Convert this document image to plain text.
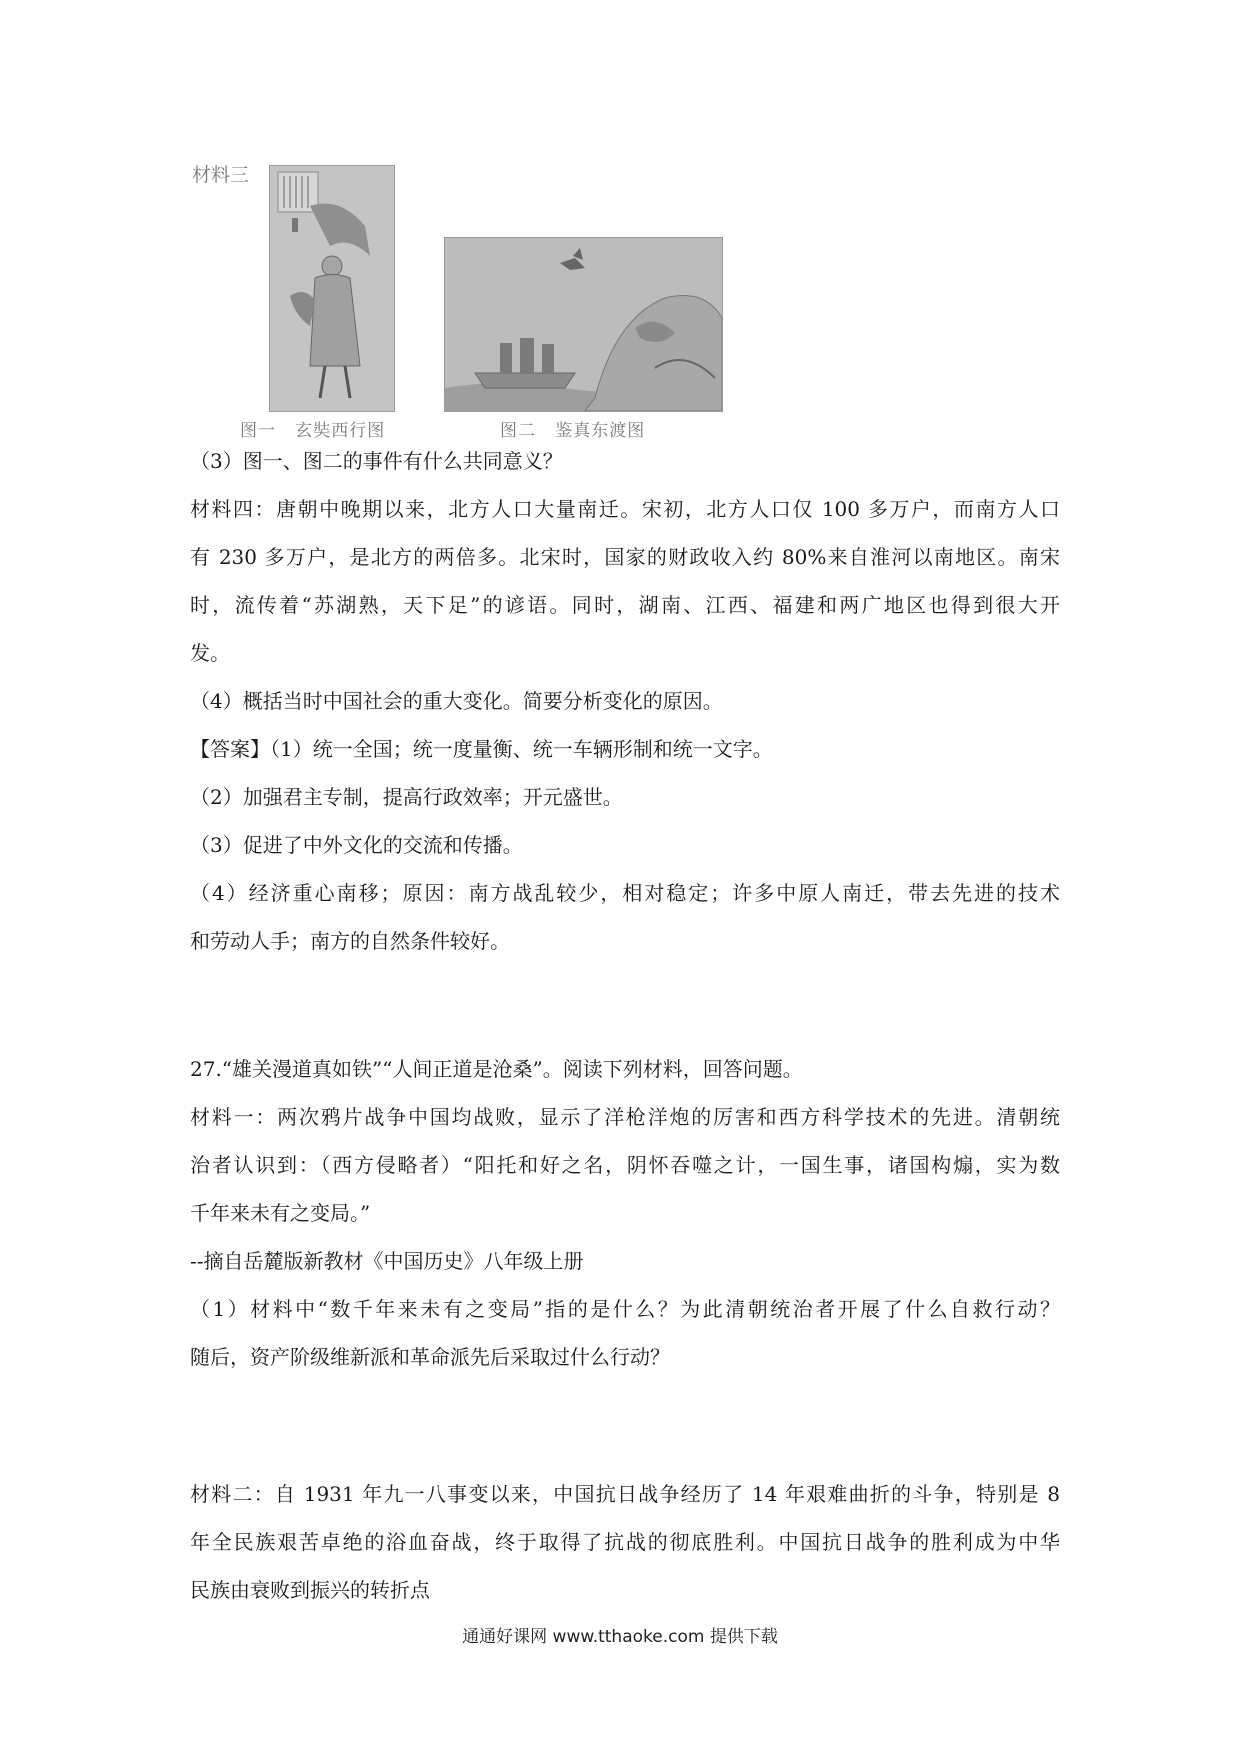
材料三
图一   玄奘西行图	图二   鉴真东渡图
（3）图一、图二的事件有什么共同意义？
材料四：唐朝中晚期以来，北方人口大量南迁。宋初，北方人口仅 100 多万户，而南方人口
有 230 多万户，是北方的两倍多。北宋时，国家的财政收入约 80%来自淮河以南地区。南宋
时，流传着“苏湖熟，天下足”的谚语。同时，湖南、江西、福建和两广地区也得到很大开
发。
（4）概括当时中国社会的重大变化。简要分析变化的原因。
【答案】（1）统一全国；统一度量衡、统一车辆形制和统一文字。
（2）加强君主专制，提高行政效率；开元盛世。
（3）促进了中外文化的交流和传播。
（4）经济重心南移；原因：南方战乱较少，相对稳定；许多中原人南迁，带去先进的技术
和劳动人手；南方的自然条件较好。
27.“雄关漫道真如铁”“人间正道是沧桑”。阅读下列材料，回答问题。
材料一：两次鸦片战争中国均战败，显示了洋枪洋炮的厉害和西方科学技术的先进。清朝统
治者认识到：（西方侵略者）“阳托和好之名，阴怀吞噬之计，一国生事，诸国构煽，实为数
千年来未有之变局。”
--摘自岳麓版新教材《中国历史》八年级上册
（1）材料中“数千年来未有之变局”指的是什么？为此清朝统治者开展了什么自救行动？
随后，资产阶级维新派和革命派先后采取过什么行动？
材料二：自 1931 年九一八事变以来，中国抗日战争经历了 14 年艰难曲折的斗争，特别是 8
年全民族艰苦卓绝的浴血奋战，终于取得了抗战的彻底胜利。中国抗日战争的胜利成为中华
民族由衰败到振兴的转折点
通通好课网 www.tthaoke.com 提供下载
